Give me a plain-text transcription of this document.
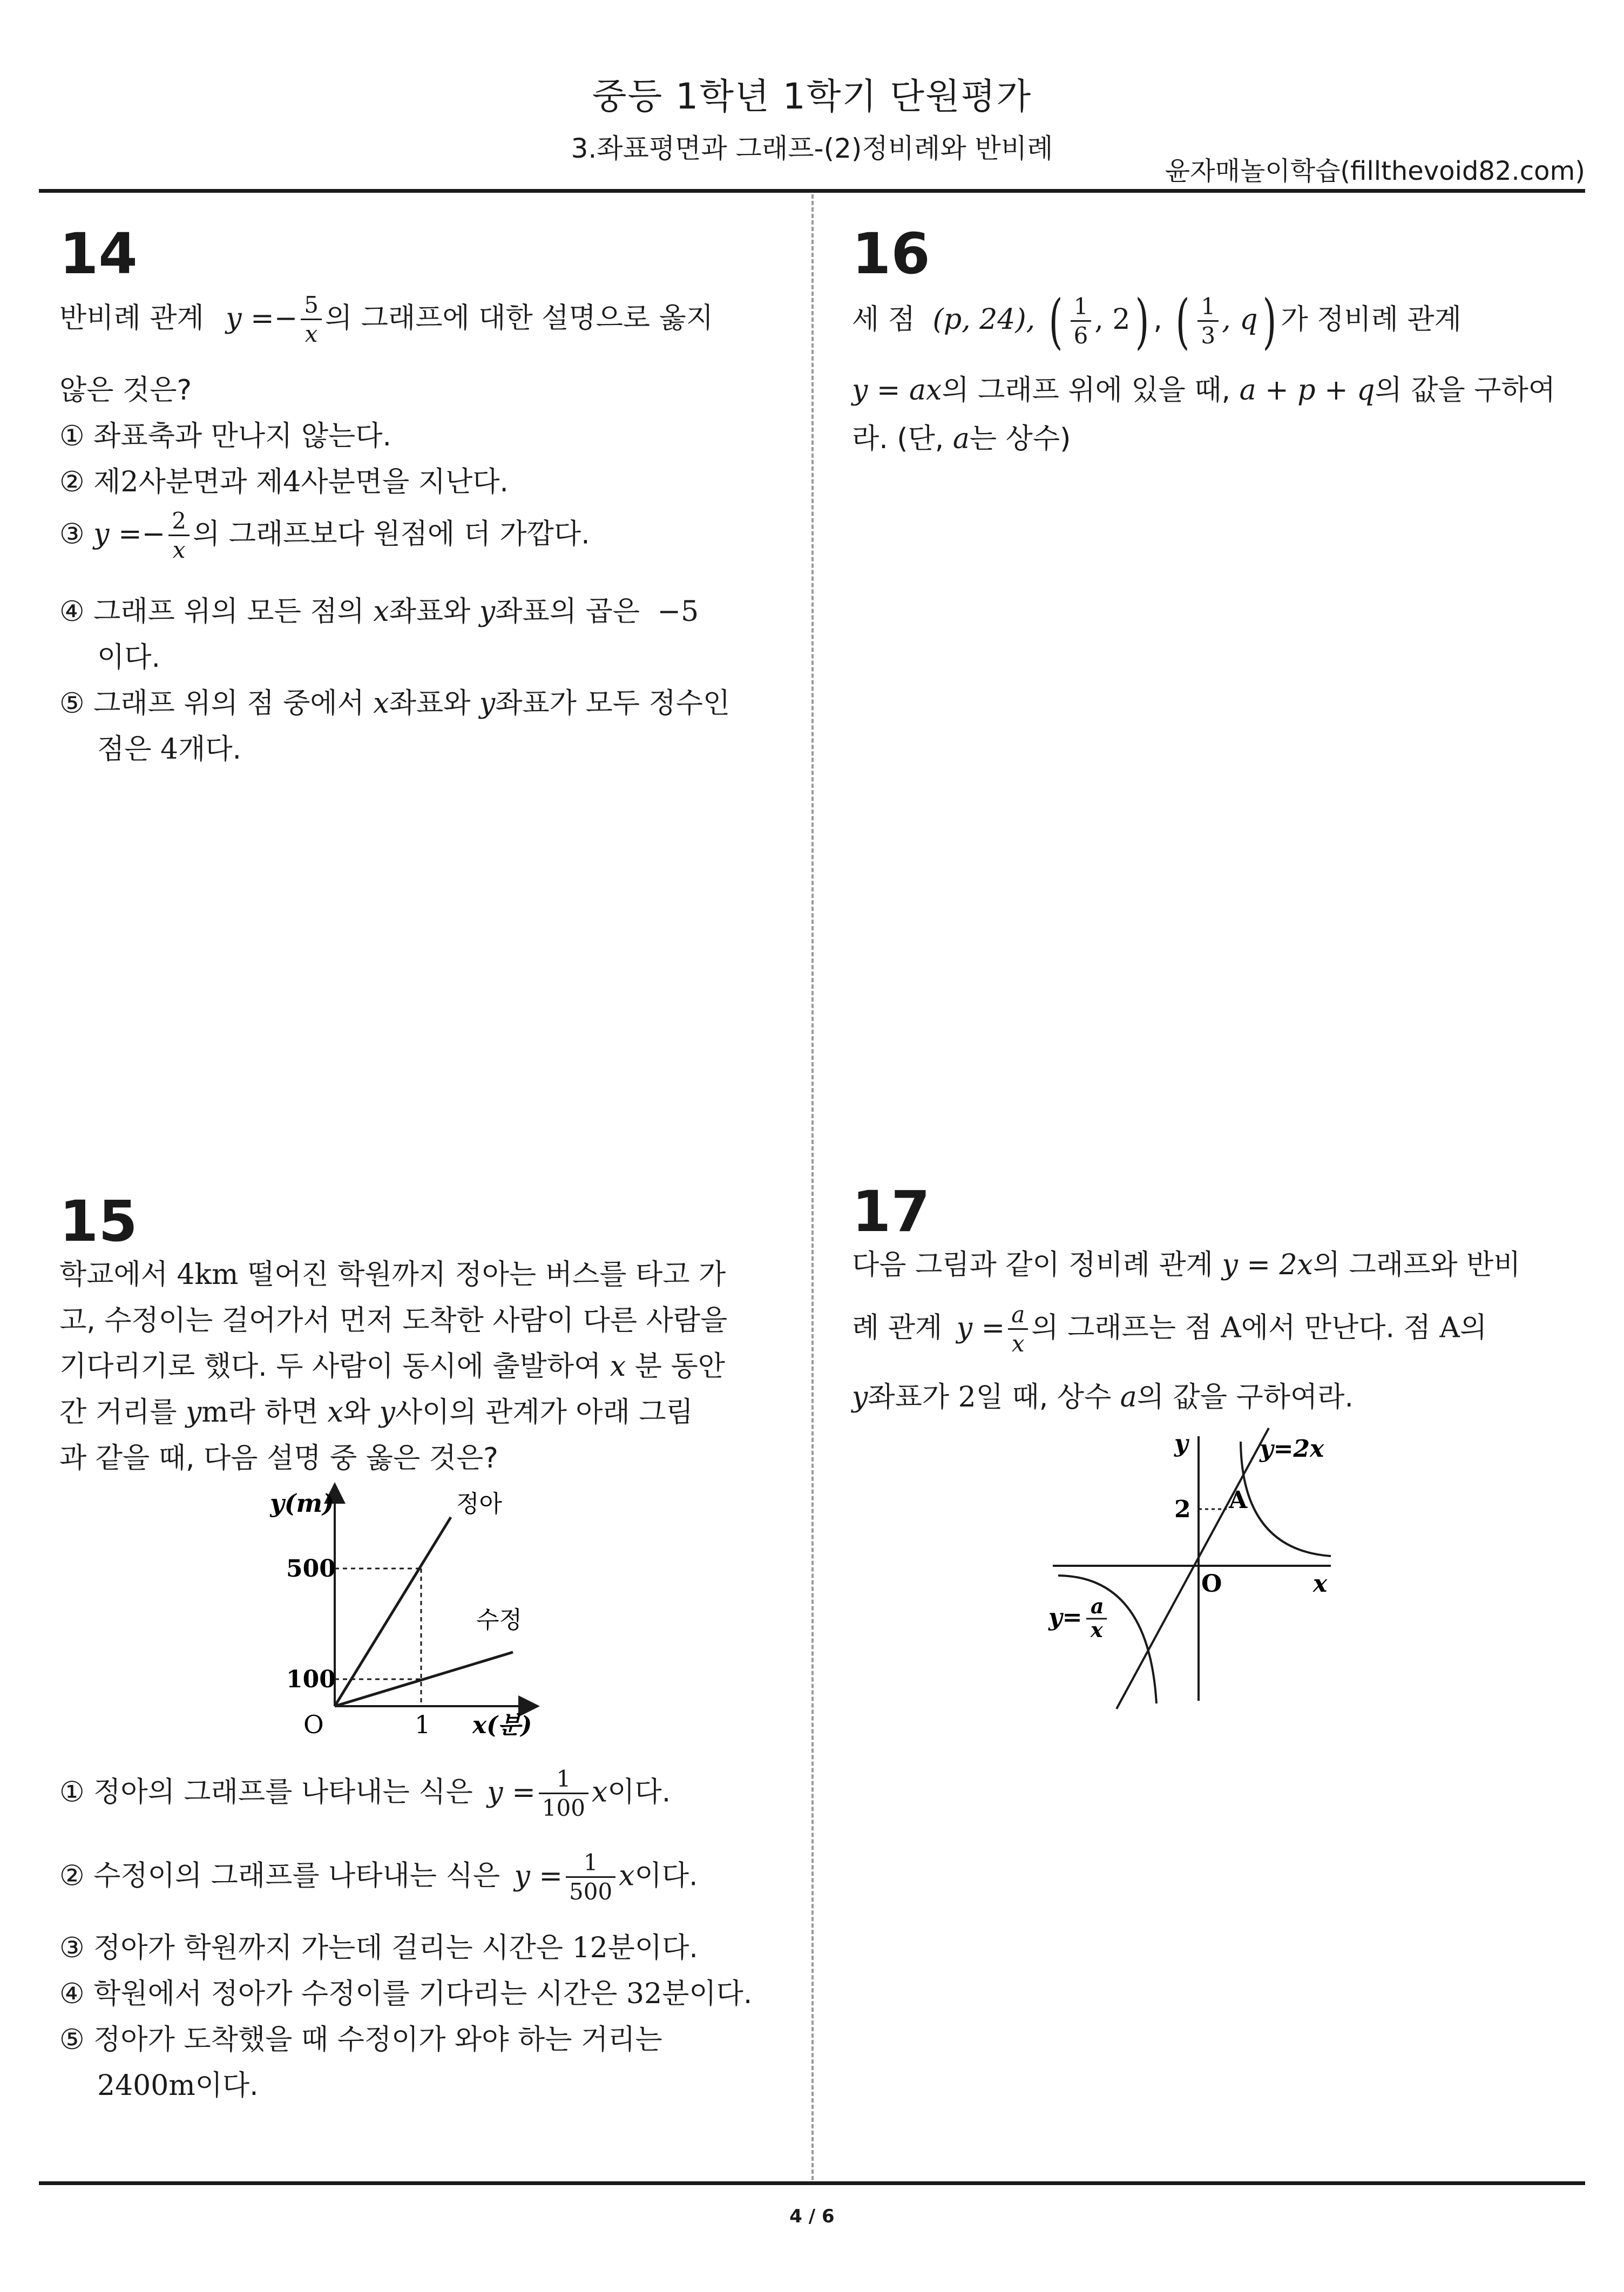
중등 1학년 1학기 단원평가
3.좌표평면과 그래프-(2)정비례와 반비례
윤자매놀이학습(fillthevoid82.com)
14
반비례 관계 $y =- \frac{5}{x}$ 의 그래프에 대한 설명으로 옳지
않은 것은?
① 좌표축과 만나지 않는다.
② 제2사분면과 제4사분면을 지난다.
③ $y =- \frac{2}{x}$ 의 그래프보다 원점에 더 가깝다.
④ 그래프 위의 모든 점의 x좌표와 y좌표의 곱은 −5
이다.
⑤ 그래프 위의 점 중에서 x좌표와 y좌표가 모두 정수인
점은 4개다.
16
세 점 (p, 24), ( $\frac{1}{6}$ , 2) , ( $\frac{1}{3}$ , q) 가 정비례 관계
y = ax의 그래프 위에 있을 때, a + p + q의 값을 구하여
라. (단, a는 상수)
15
학교에서 4km 떨어진 학원까지 정아는 버스를 타고 가
고, 수정이는 걸어가서 먼저 도착한 사람이 다른 사람을
기다리기로 했다. 두 사람이 동시에 출발하여 x 분 동안
간 거리를 ym라 하면 x와 y사이의 관계가 아래 그림
과 같을 때, 다음 설명 중 옳은 것은?
y(m)
500
100
O	1 x(분)
정아
수정
① 정아의 그래프를 나타내는 식은 $y = \frac{1}{100}$ x이다.
② 수정이의 그래프를 나타내는 식은 $y = \frac{1}{500}$ x이다.
③ 정아가 학원까지 가는데 걸리는 시간은 12분이다.
④ 학원에서 정아가 수정이를 기다리는 시간은 32분이다.
⑤ 정아가 도착했을 때 수정이가 와야 하는 거리는
2400m이다.
17
다음 그림과 같이 정비례 관계 y = 2x의 그래프와 반비
례 관계 $y = \frac{a}{x}$ 의 그래프는 점 A에서 만난다. 점 A의
y좌표가 2일 때, 상수 a의 값을 구하여라.
y	y=2x
2 A
O	x
y= a
x
4 / 6
